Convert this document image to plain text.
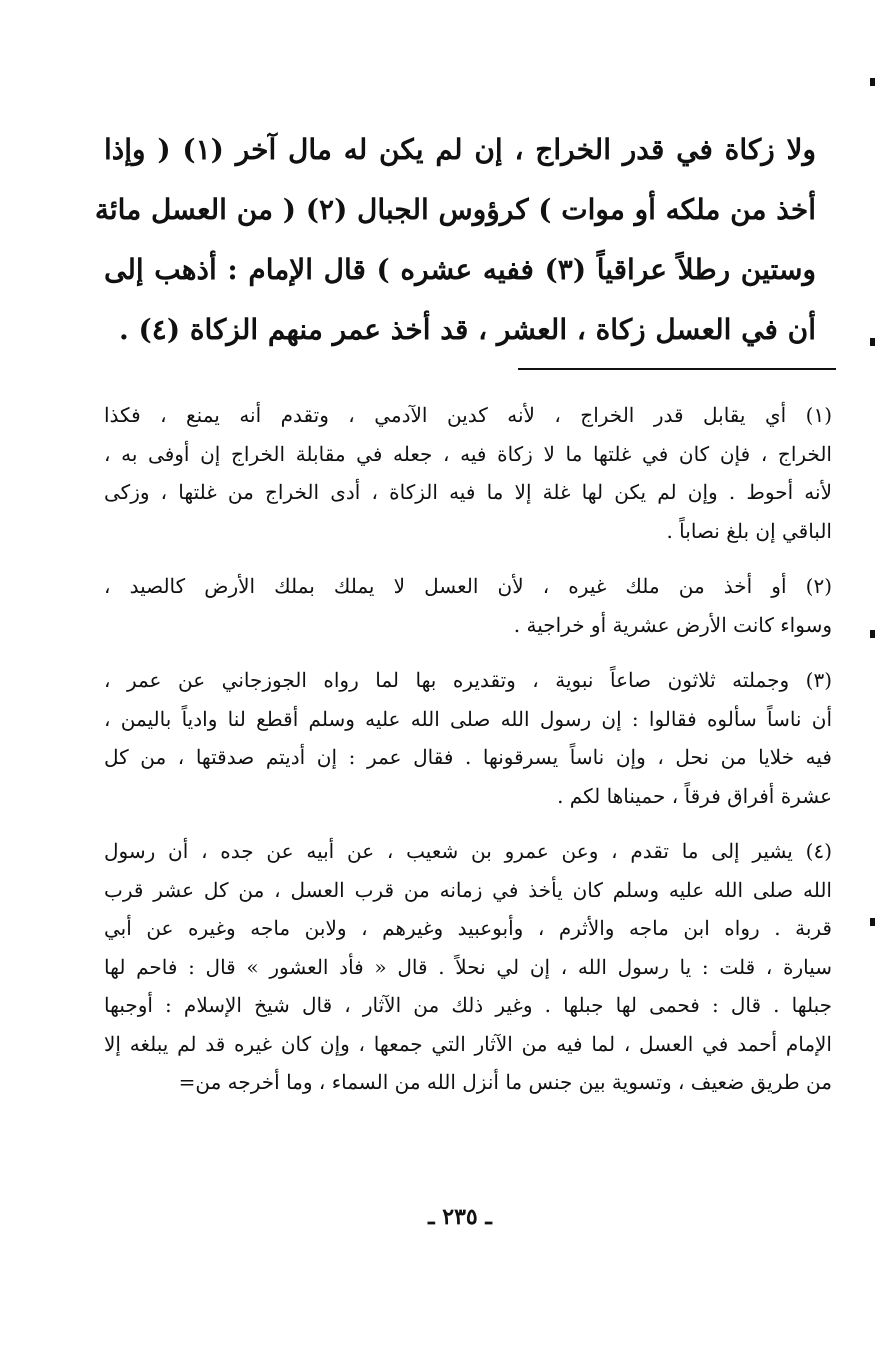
ولا زكاة في قدر الخراج ، إن لم يكن له مال آخر (١) ( وإذا
أخذ من ملكه أو موات ) كرؤوس الجبال (٢) ( من العسل مائة
وستين رطلاً عراقياً (٣) ففيه عشره ) قال الإمام : أذهب إلى
أن في العسل زكاة ، العشر ، قد أخذ عمر منهم الزكاة (٤) .
(١) أي يقابل قدر الخراج ، لأنه كدين الآدمي ، وتقدم أنه يمنع ، فكذا
الخراج ، فإن كان في غلتها ما لا زكاة فيه ، جعله في مقابلة الخراج إن أوفى به ،
لأنه أحوط . وإن لم يكن لها غلة إلا ما فيه الزكاة ، أدى الخراج من غلتها ، وزكى
الباقي إن بلغ نصاباً .
(٢) أو أخذ من ملك غيره ، لأن العسل لا يملك بملك الأرض كالصيد ،
وسواء كانت الأرض عشرية أو خراجية .
(٣) وجملته ثلاثون صاعاً نبوية ، وتقديره بها لما رواه الجوزجاني عن عمر ،
أن ناساً سألوه فقالوا : إن رسول الله صلى الله عليه وسلم أقطع لنا وادياً باليمن ،
فيه خلايا من نحل ، وإن ناساً يسرقونها . فقال عمر : إن أديتم صدقتها ، من كل
عشرة أفراق فرقاً ، حميناها لكم .
(٤) يشير إلى ما تقدم ، وعن عمرو بن شعيب ، عن أبيه عن جده ، أن رسول
الله صلى الله عليه وسلم كان يأخذ في زمانه من قرب العسل ، من كل عشر قرب
قربة . رواه ابن ماجه والأثرم ، وأبوعبيد وغيرهم ، ولابن ماجه وغيره عن أبي
سيارة ، قلت : يا رسول الله ، إن لي نحلاً . قال « فأد العشور » قال : فاحم لها
جبلها . قال : فحمى لها جبلها . وغير ذلك من الآثار ، قال شيخ الإسلام : أوجبها
الإمام أحمد في العسل ، لما فيه من الآثار التي جمعها ، وإن كان غيره قد لم يبلغه إلا
من طريق ضعيف ، وتسوية بين جنس ما أنزل الله من السماء ، وما أخرجه من=
ـ ٢٣٥ ـ
